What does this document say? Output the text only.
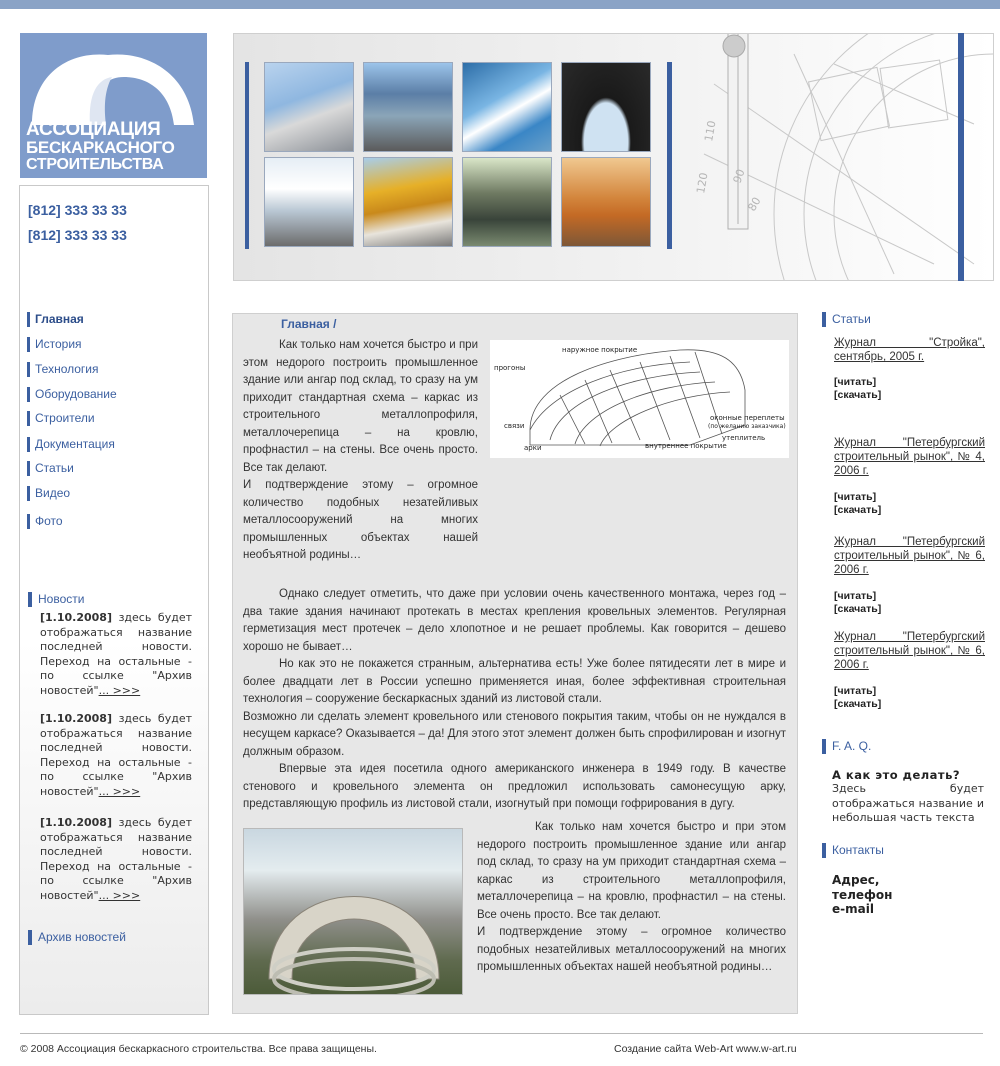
АССОЦИАЦИЯ
БЕСКАРКАСНОГО
СТРОИТЕЛЬСТВА
[812] 333 33 33
[812] 333 33 33
Главная
История
Технология
Оборудование
Строители
Документация
Статьи
Видео
Фото
Новости
[1.10.2008] здесь будет отображаться название последней новости. Переход на остальные - по ссылке "Архив новостей"... >>>
[1.10.2008] здесь будет отображаться название последней новости. Переход на остальные - по ссылке "Архив новостей"... >>>
[1.10.2008] здесь будет отображаться название последней новости. Переход на остальные - по ссылке "Архив новостей"... >>>
Архив новостей
120
110
90
80
Главная /

Как только нам хочется быстро и при этом недорого построить промышленное здание или ангар под склад, то сразу на ум приходит стандартная схема – каркас из строительного металлопрофиля, металлочерепица – на кровлю, профнастил – на стены. Все очень просто. Все так делают.

И подтверждение этому – огромное количество подобных незатейливых металлосооружений на многих промышленных объектах нашей необъятной родины…

наружное покрытие
прогоны
связи
арки	внутреннее покрытие
оконные переплеты
(по желанию заказчика)
утеплитель

Однако следует отметить, что даже при условии очень качественного монтажа, через год – два такие здания начинают протекать в местах крепления кровельных элементов. Регулярная герметизация мест протечек – дело хлопотное и не решает проблемы. Как говорится – дешево хорошо не бывает…

Но как это не покажется странным, альтернатива есть! Уже более пятидесяти лет в мире и более двадцати лет в России успешно применяется иная, более эффективная строительная технология – сооружение бескаркасных зданий из листовой стали.

Возможно ли сделать элемент кровельного или стенового покрытия таким, чтобы он не нуждался в несущем каркасе? Оказывается – да! Для этого этот элемент должен быть спрофилирован и изогнут должным образом.

Впервые эта идея посетила одного американского инженера в 1949 году. В качестве стенового и кровельного элемента он предложил использовать самонесущую арку, представляющую профиль из листовой стали, изогнутый при помощи гофрирования в дугу.

Как только нам хочется быстро и при этом недорого построить промышленное здание или ангар под склад, то сразу на ум приходит стандартная схема – каркас из строительного металлопрофиля, металлочерепица – на кровлю, профнастил – на стены. Все очень просто. Все так делают.

И подтверждение этому – огромное количество подобных незатейливых металлосооружений на многих промышленных объектах нашей необъятной родины…

Статьи
Журнал "Стройка", сентябрь, 2005 г.
[читать]
[скачать]
Журнал "Петербургский строительный рынок", № 4, 2006 г.
[читать]
[скачать]
Журнал "Петербургский строительный рынок", № 6, 2006 г.
[читать]
[скачать]
Журнал "Петербургский строительный рынок", № 6, 2006 г.
[читать]
[скачать]
F. A. Q.
А как это делать?
Здесь будет отображаться название и небольшая часть текста
Контакты
Адрес,
телефон
e-mail
© 2008 Ассоциация бескаркасного строительства. Все права защищены.	Создание сайта Web-Art www.w-art.ru
